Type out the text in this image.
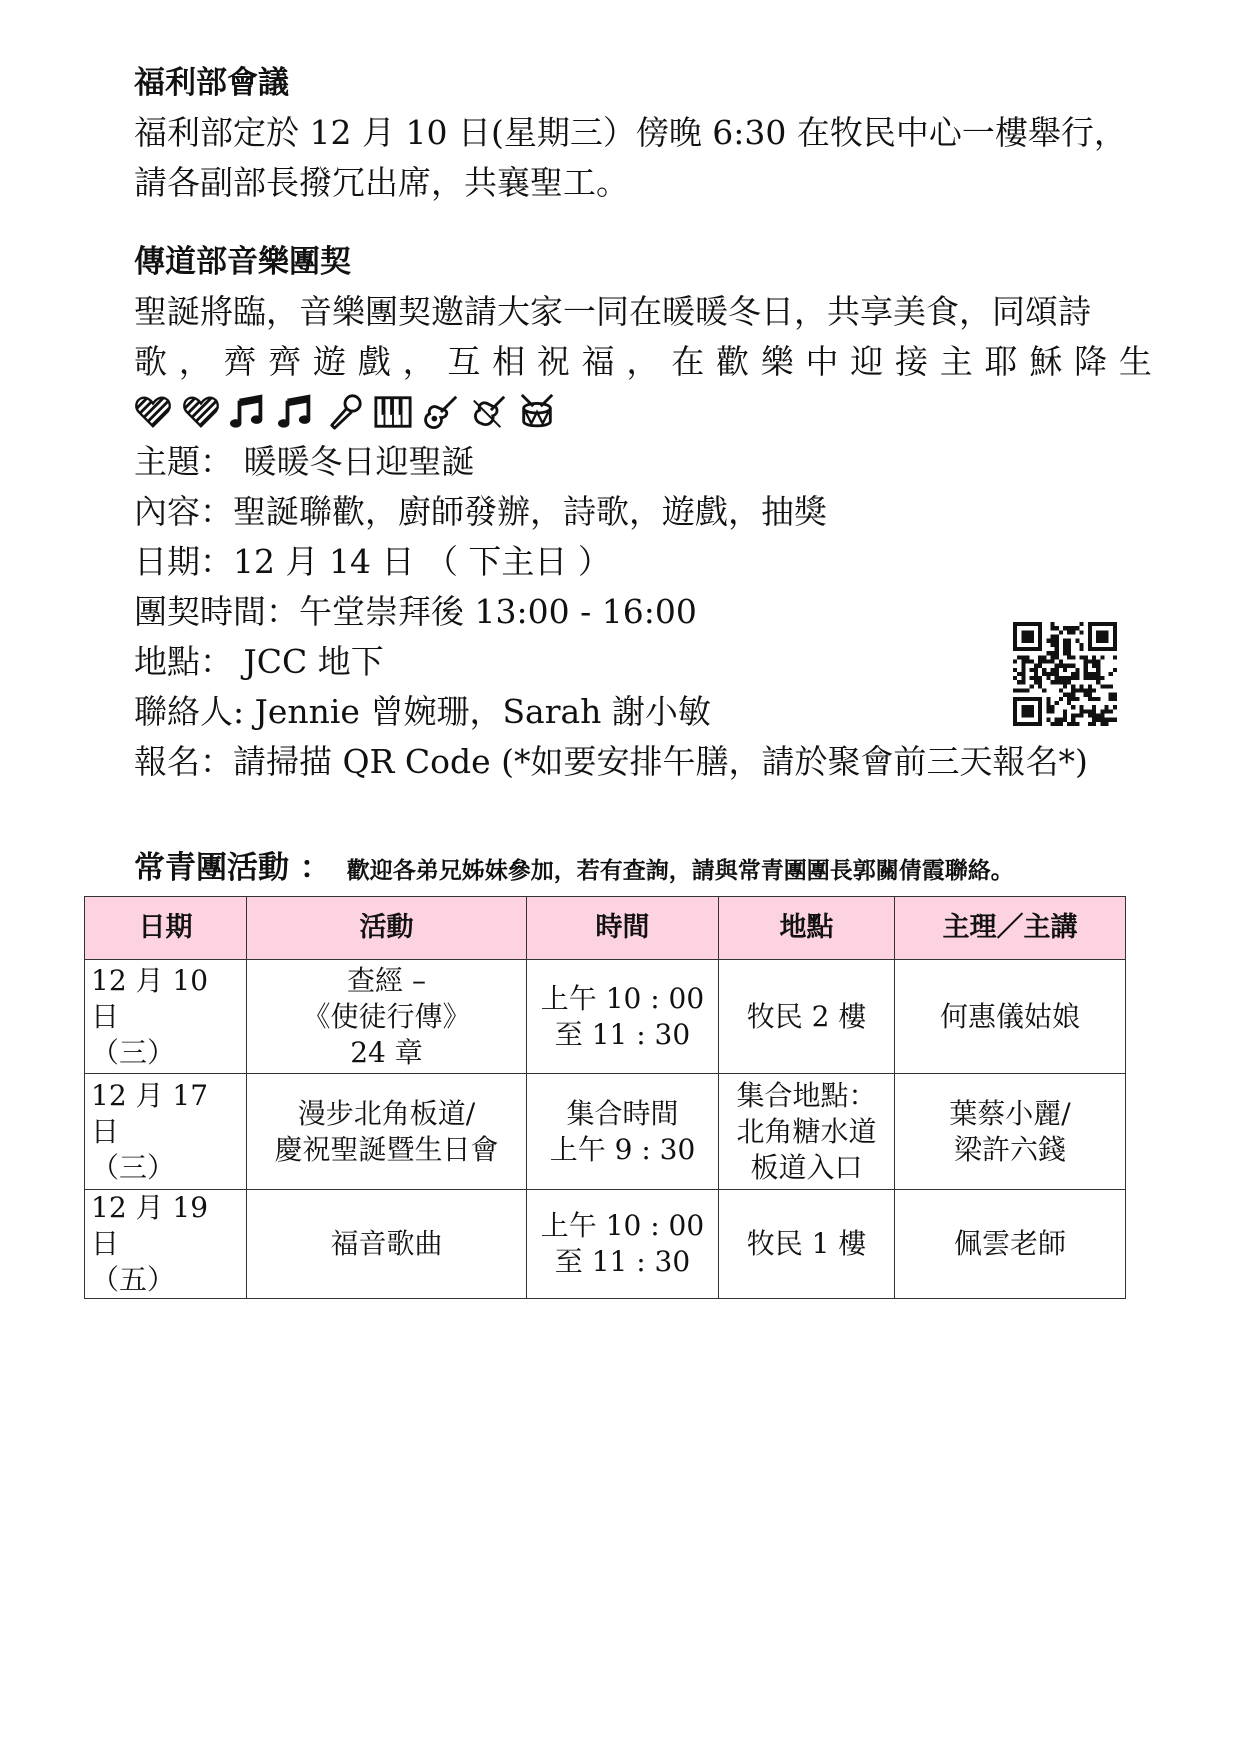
福利部會議
福利部定於 12 月 10 日(星期三）傍晚 6:30 在牧民中心一樓舉行，
請各副部長撥冗出席，共襄聖工。
傳道部音樂團契
聖誕將臨，音樂團契邀請大家一同在暖暖冬日，共享美食，同頌詩
歌 ， 齊 齊 遊 戲 ， 互 相 祝 福 ， 在 歡 樂 中 迎 接 主 耶 穌 降 生
主題： 暖暖冬日迎聖誕
內容：聖誕聯歡，廚師發辦，詩歌，遊戲，抽獎
日期：12 月 14 日 （ 下主日 ）
團契時間：午堂崇拜後 13:00 - 16:00
地點： JCC 地下
聯絡人: Jennie 曾婉珊，Sarah 謝小敏
報名：請掃描 QR Code (*如要安排午膳，請於聚會前三天報名*)
常青團活動 ： 歡迎各弟兄姊妹參加，若有查詢，請與常青團團長郭關倩霞聯絡。
日期	活動	時間	地點	主理／主講

12 月 10 日
（三）	查經 –
《使徒行傳》
24 章	上午 10 : 00
至 11 : 30	牧民 2 樓	何惠儀姑娘

12 月 17 日
（三）	漫步北角板道/
慶祝聖誕暨生日會	集合時間
上午 9 : 30	集合地點：
北角糖水道
板道入口	葉蔡小麗/
梁許六錢

12 月 19 日
（五）	福音歌曲	上午 10 : 00
至 11 : 30	牧民 1 樓	佩雲老師
